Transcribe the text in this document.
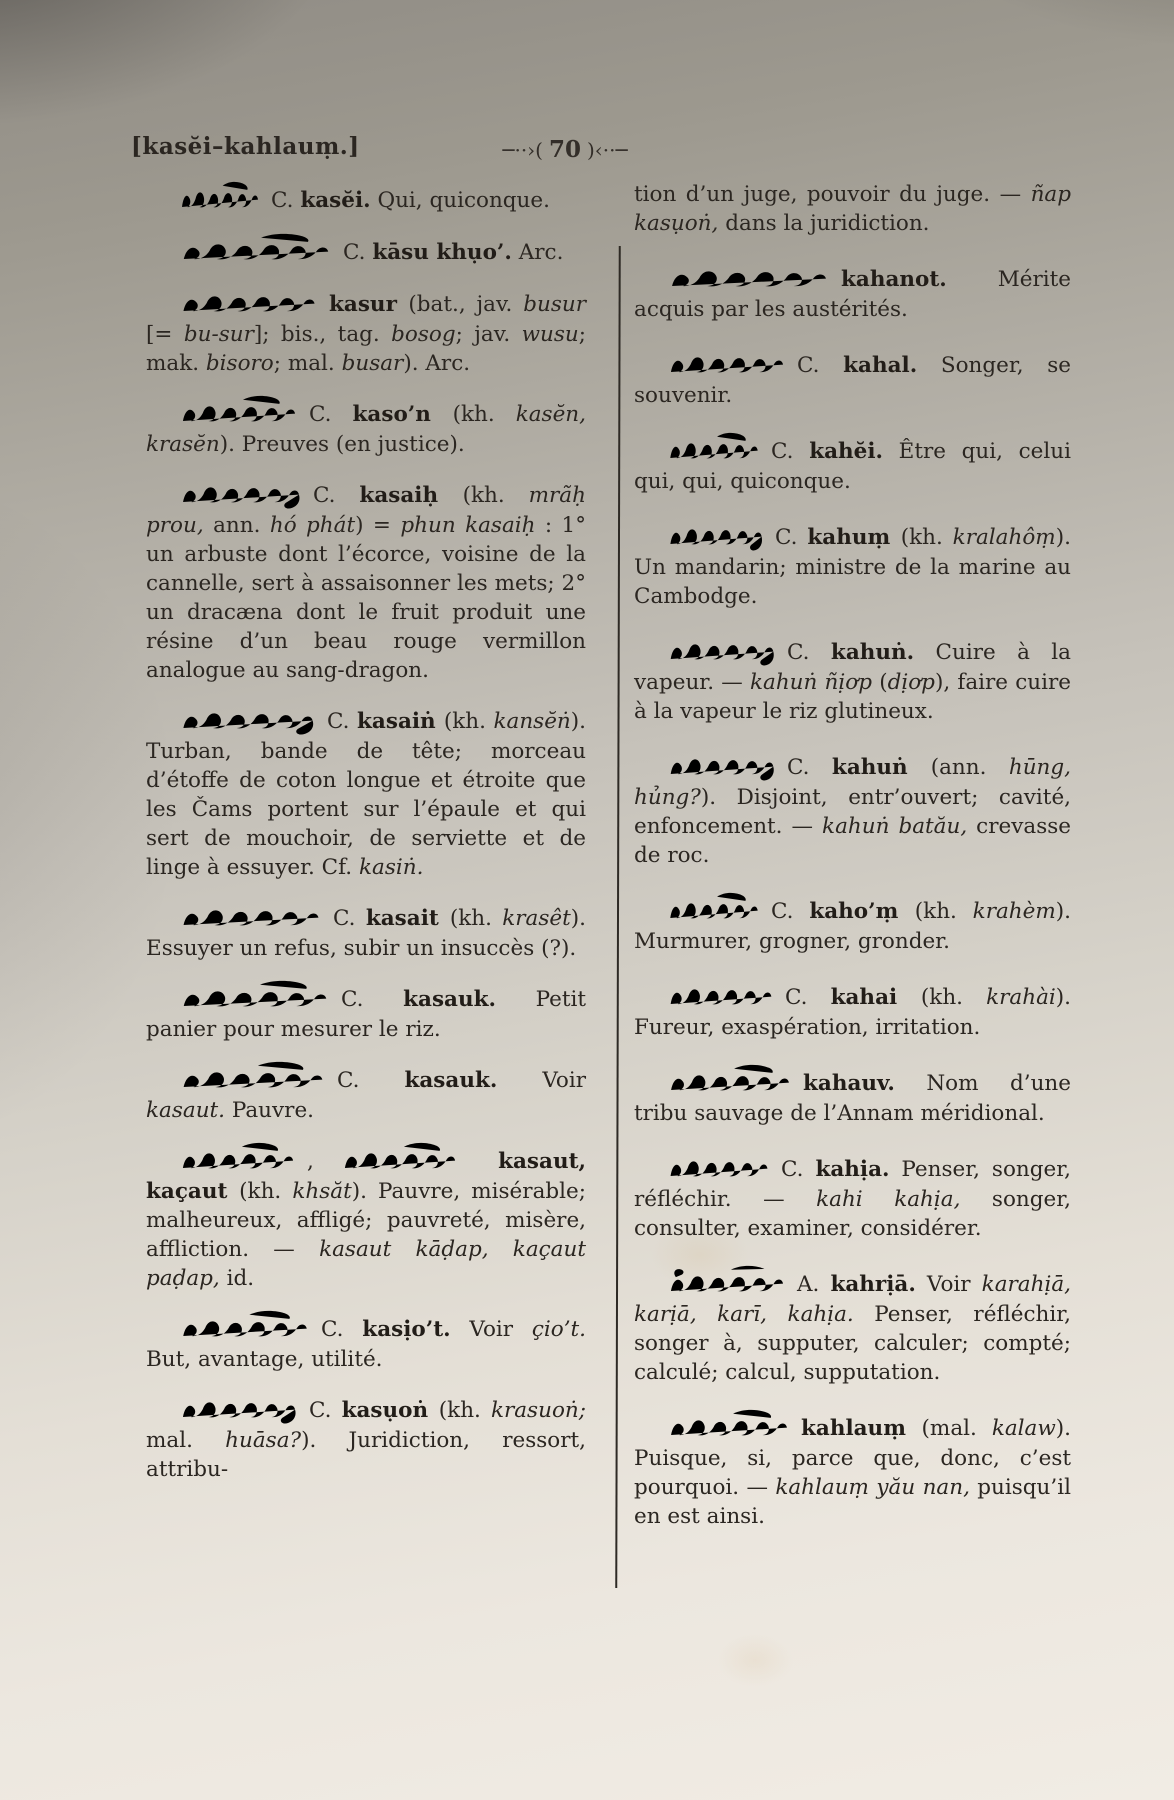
[kasĕi–kahlauṃ.]	─··›( 70 )‹··─

C. kasĕi. Qui, quiconque.

C. kāsu khụo’. Arc.

kasur (bat., jav. busur [= bu-sur]; bis., tag. bosog; jav. wusu; mak. bisoro; mal. busar). Arc.

C. kaso’n (kh. kasĕn, krasĕn). Preuves (en justice).

C. kasaiḥ (kh. mrãḥ prou, ann. hó phát) = phun kasaiḥ : 1° un arbuste dont l’écorce, voisine de la cannelle, sert à assaisonner les mets; 2° un dracæna dont le fruit produit une résine d’un beau rouge vermillon analogue au sang-dragon.

C. kasaiṅ (kh. kansĕṅ). Turban, bande de tête; morceau d’étoffe de coton longue et étroite que les Čams portent sur l’épaule et qui sert de mouchoir, de serviette et de linge à essuyer. Cf. kasiṅ.

C. kasait (kh. krasêt). Essuyer un refus, subir un insuccès (?).

C. kasauk. Petit panier pour mesurer le riz.

C. kasauk. Voir kasaut. Pauvre.

,	kasaut, kaçaut (kh. khsăt). Pauvre, misérable; malheureux, affligé; pauvreté, misère, affliction. — kasaut kāḍap, kaçaut paḍap, id.

C. kasịo’t. Voir çio’t. But, avantage, utilité.

C. kasụoṅ (kh. krasuoṅ; mal. huāsa?). Juridiction, ressort, attribu-

tion d’un juge, pouvoir du juge. — ñap kasụoṅ, dans la juridiction.

kahanot. Mérite acquis par les austérités.

C. kahal. Songer, se souvenir.

C. kahĕi. Être qui, celui qui, qui, quiconque.

C. kahuṃ (kh. kralahôṃ). Un mandarin; ministre de la marine au Cambodge.

C. kahuṅ. Cuire à la vapeur. — kahuṅ ñịơp (dịơp), faire cuire à la vapeur le riz glutineux.

C. kahuṅ (ann. hūng, hủng?). Disjoint, entr’ouvert; cavité, enfoncement. — kahuṅ batău, crevasse de roc.

C. kaho’ṃ (kh. krahèm). Murmurer, grogner, gronder.

C. kahai (kh. krahài). Fureur, exaspération, irritation.

kahauv. Nom d’une tribu sauvage de l’Annam méridional.

C. kahịa. Penser, songer, réfléchir. — kahi kahịa, songer, consulter, examiner, considérer.

A. kahrịā. Voir karahịā, karịā, karī, kahịa. Penser, réfléchir, songer à, supputer, calculer; compté; calculé; calcul, supputation.

kahlauṃ (mal. kalaw). Puisque, si, parce que, donc, c’est pourquoi. — kahlauṃ yău nan, puisqu’il en est ainsi.
